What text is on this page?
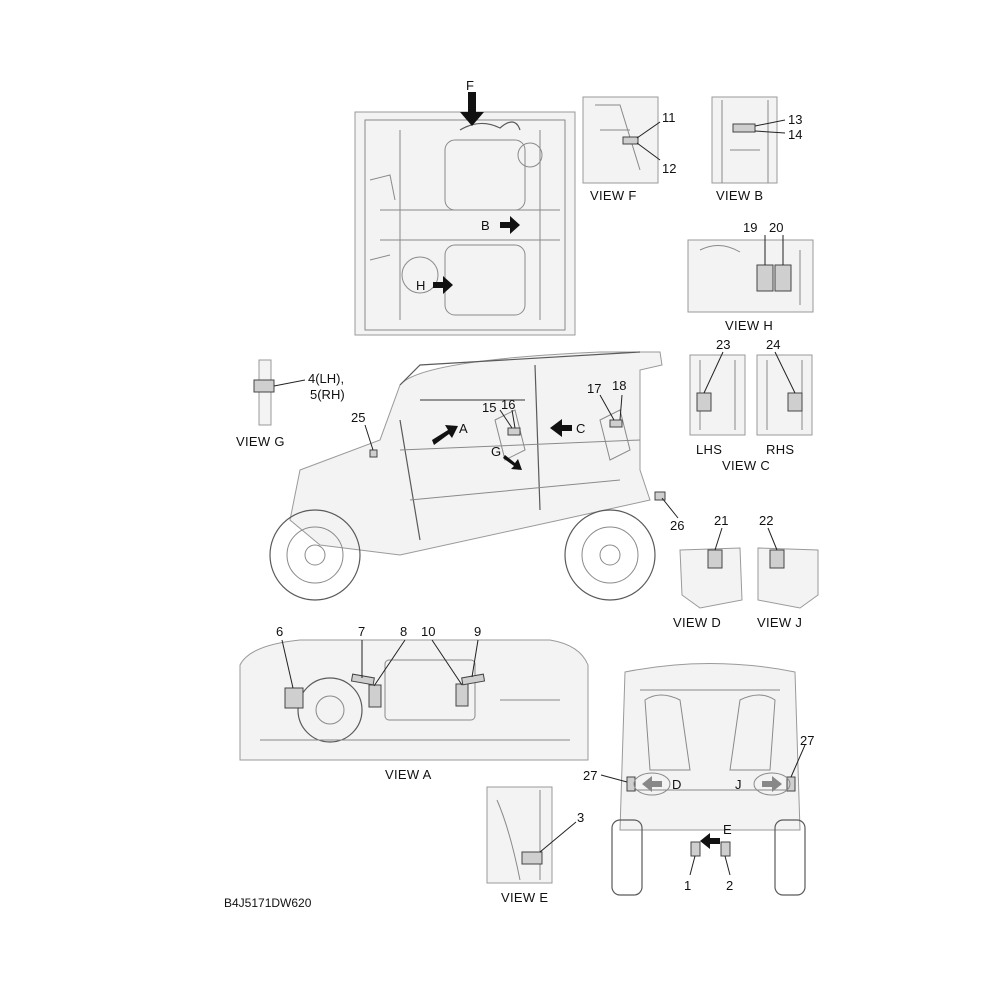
F
B
H
11
12
VIEW F
13
14
VIEW B
19 20
VIEW H
23	24
LHS	RHS
VIEW C
4(LH),
5(RH)
VIEW G
25
15 16
17 18
26
A	C
G
21
VIEW D
22
VIEW J
6	7	8 10	9
VIEW A
1	2
27
27
D	J
E
3
VIEW E
B4J5171DW620
